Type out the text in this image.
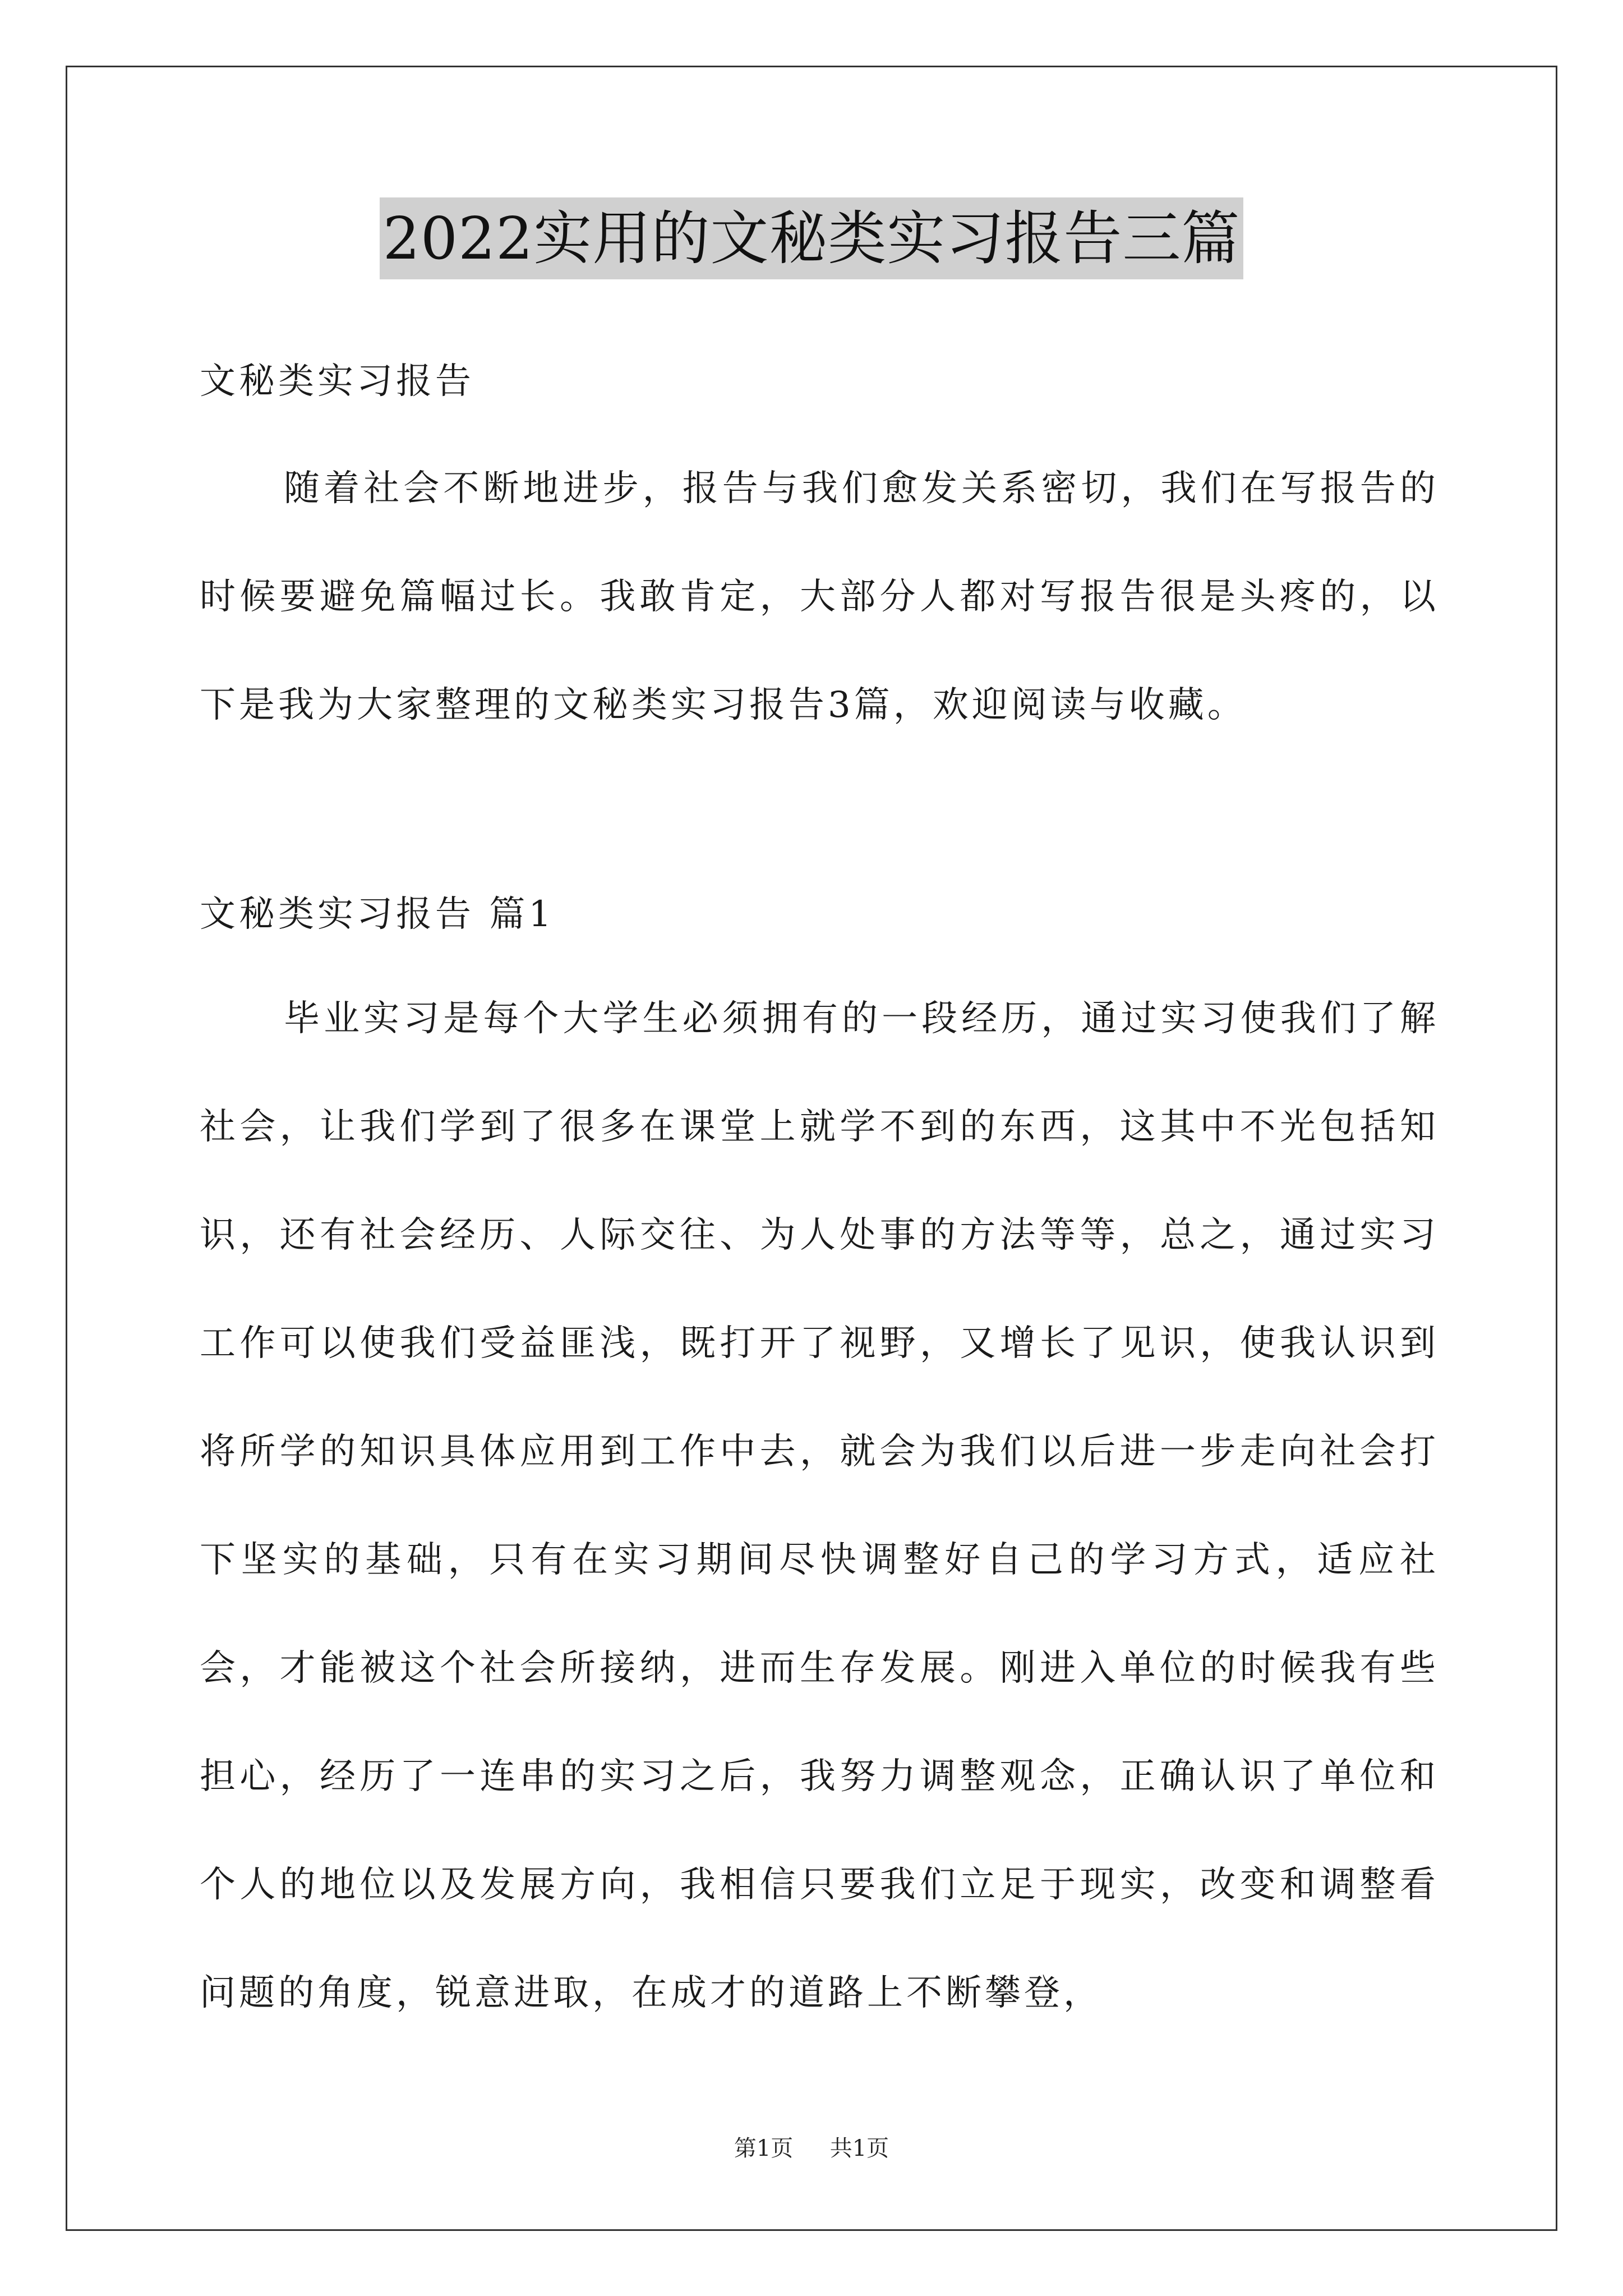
2022实用的文秘类实习报告三篇
文秘类实习报告
随着社会不断地进步，报告与我们愈发关系密切，我们在写报告的时候要避免篇幅过长。我敢肯定，大部分人都对写报告很是头疼的，以下是我为大家整理的文秘类实习报告3篇，欢迎阅读与收藏。
文秘类实习报告 篇1
毕业实习是每个大学生必须拥有的一段经历，通过实习使我们了解社会，让我们学到了很多在课堂上就学不到的东西，这其中不光包括知识，还有社会经历、人际交往、为人处事的方法等等，总之，通过实习工作可以使我们受益匪浅，既打开了视野，又增长了见识，使我认识到将所学的知识具体应用到工作中去，就会为我们以后进一步走向社会打下坚实的基础，只有在实习期间尽快调整好自己的学习方式，适应社会，才能被这个社会所接纳，进而生存发展。刚进入单位的时候我有些担心，经历了一连串的实习之后，我努力调整观念，正确认识了单位和个人的地位以及发展方向，我相信只要我们立足于现实，改变和调整看问题的角度，锐意进取，在成才的道路上不断攀登，
第1页 共1页
